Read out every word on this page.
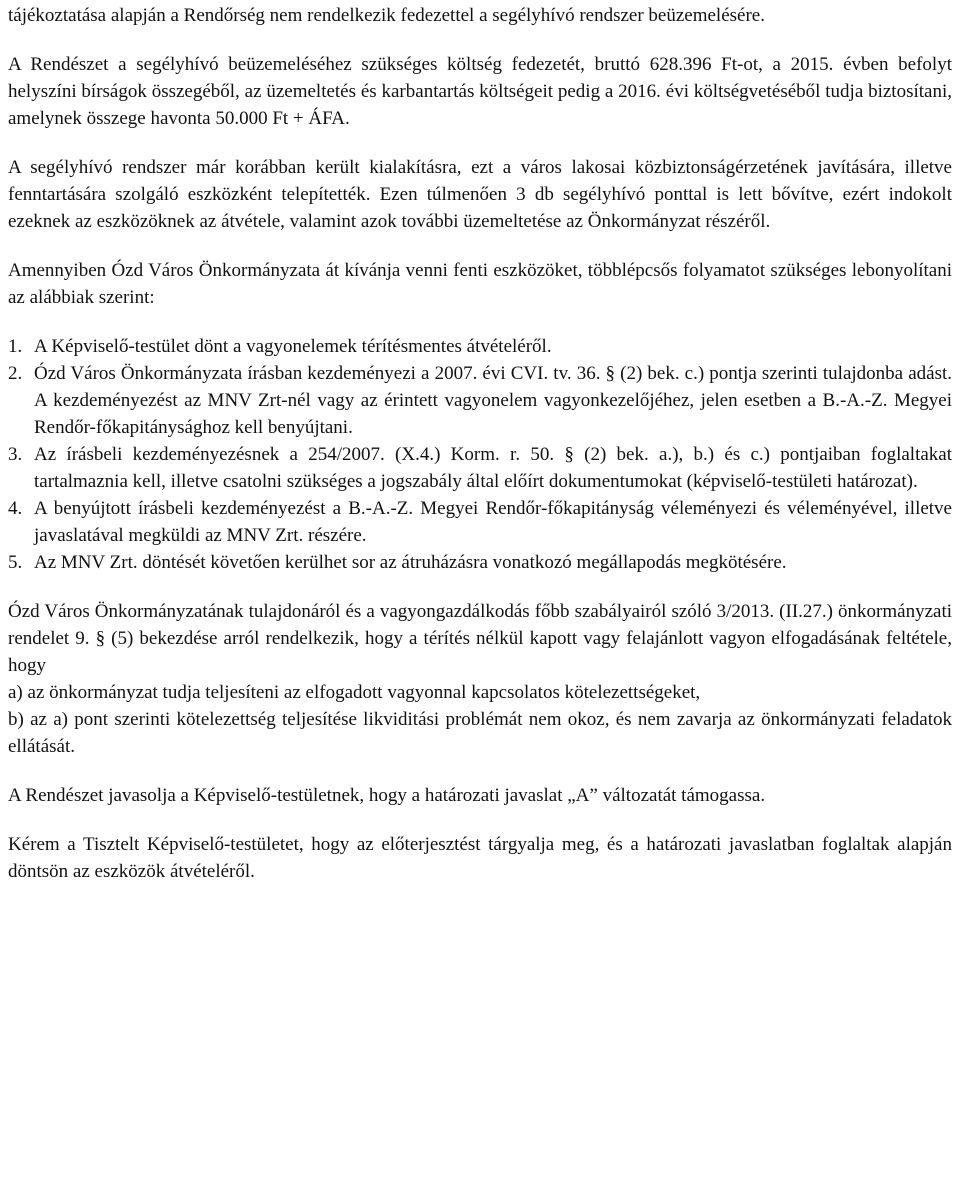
tájékoztatása alapján a Rendőrség nem rendelkezik fedezettel a segélyhívó rendszer beüzemelésére.

A Rendészet a segélyhívó beüzemeléséhez szükséges költség fedezetét, bruttó 628.396 Ft-ot, a 2015. évben befolyt helyszíni bírságok összegéből, az üzemeltetés és karbantartás költségeit pedig a 2016. évi költségvetéséből tudja biztosítani, amelynek összege havonta 50.000 Ft + ÁFA.

A segélyhívó rendszer már korábban került kialakításra, ezt a város lakosai közbiztonságérzetének javítására, illetve fenntartására szolgáló eszközként telepítették. Ezen túlmenően 3 db segélyhívó ponttal is lett bővítve, ezért indokolt ezeknek az eszközöknek az átvétele, valamint azok további üzemeltetése az Önkormányzat részéről.

Amennyiben Ózd Város Önkormányzata át kívánja venni fenti eszközöket, többlépcsős folyamatot szükséges lebonyolítani az alábbiak szerint:

1. A Képviselő-testület dönt a vagyonelemek térítésmentes átvételéről.
2. Ózd Város Önkormányzata írásban kezdeményezi a 2007. évi CVI. tv. 36. § (2) bek. c.) pontja szerinti tulajdonba adást. A kezdeményezést az MNV Zrt-nél vagy az érintett vagyonelem vagyonkezelőjéhez, jelen esetben a B.-A.-Z. Megyei Rendőr-főkapitánysághoz kell benyújtani.
3. Az írásbeli kezdeményezésnek a 254/2007. (X.4.) Korm. r. 50. § (2) bek. a.), b.) és c.) pontjaiban foglaltakat tartalmaznia kell, illetve csatolni szükséges a jogszabály által előírt dokumentumokat (képviselő-testületi határozat).
4. A benyújtott írásbeli kezdeményezést a B.-A.-Z. Megyei Rendőr-főkapitányság véleményezi és véleményével, illetve javaslatával megküldi az MNV Zrt. részére.
5. Az MNV Zrt. döntését követően kerülhet sor az átruházásra vonatkozó megállapodás megkötésére.

Ózd Város Önkormányzatának tulajdonáról és a vagyongazdálkodás főbb szabályairól szóló 3/2013. (II.27.) önkormányzati rendelet 9. § (5) bekezdése arról rendelkezik, hogy a térítés nélkül kapott vagy felajánlott vagyon elfogadásának feltétele, hogy

a) az önkormányzat tudja teljesíteni az elfogadott vagyonnal kapcsolatos kötelezettségeket,

b) az a) pont szerinti kötelezettség teljesítése likviditási problémát nem okoz, és nem zavarja az önkormányzati feladatok ellátását.

A Rendészet javasolja a Képviselő-testületnek, hogy a határozati javaslat „A” változatát támogassa.

Kérem a Tisztelt Képviselő-testületet, hogy az előterjesztést tárgyalja meg, és a határozati javaslatban foglaltak alapján döntsön az eszközök átvételéről.
